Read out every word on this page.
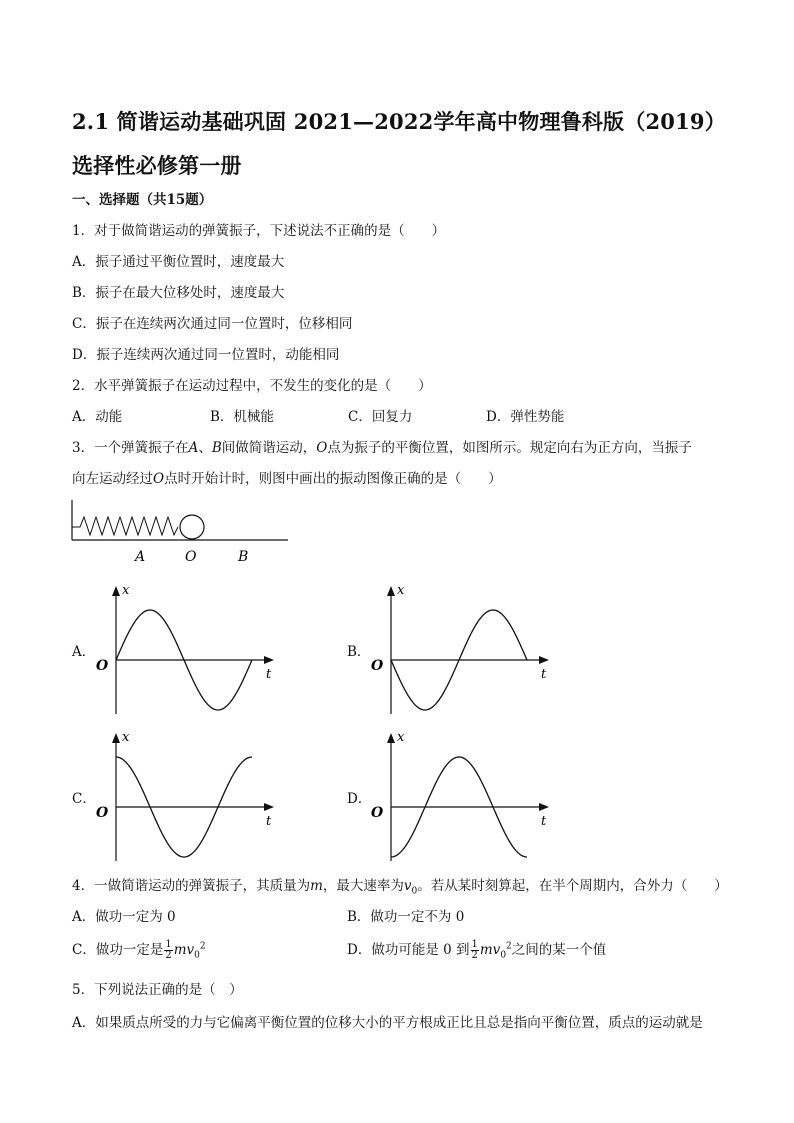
2.1 简谐运动基础巩固 2021—2022学年高中物理鲁科版（2019）选择性必修第一册
一、选择题（共15题）
1．对于做简谐运动的弹簧振子，下述说法不正确的是（　　）
A．振子通过平衡位置时，速度最大
B．振子在最大位移处时，速度最大
C．振子在连续两次通过同一位置时，位移相同
D．振子连续两次通过同一位置时，动能相同
2．水平弹簧振子在运动过程中，不发生的变化的是（　　）
A．动能	B．机械能	C．回复力	D．弹性势能
3．一个弹簧振子在A、B间做简谐运动，O点为振子的平衡位置，如图所示。规定向右为正方向，当振子
向左运动经过O点时开始计时，则图中画出的振动图像正确的是（　　）
A	O	B
A．	B．
C．	D．
x
t
O
x
t
O
x
t
O
x
t
O
4．一做简谐运动的弹簧振子，其质量为m，最大速率为$v_0$。若从某时刻算起，在半个周期内，合外力（　　）
A．做功一定为 0	B．做功一定不为 0
C．做功一定是 $\frac{1}{2} mv_0^2$	D．做功可能是 0 到 $\frac{1}{2} mv_0^2$之间的某一个值
5．下列说法正确的是（　）
A．如果质点所受的力与它偏离平衡位置的位移大小的平方根成正比且总是指向平衡位置，质点的运动就是
